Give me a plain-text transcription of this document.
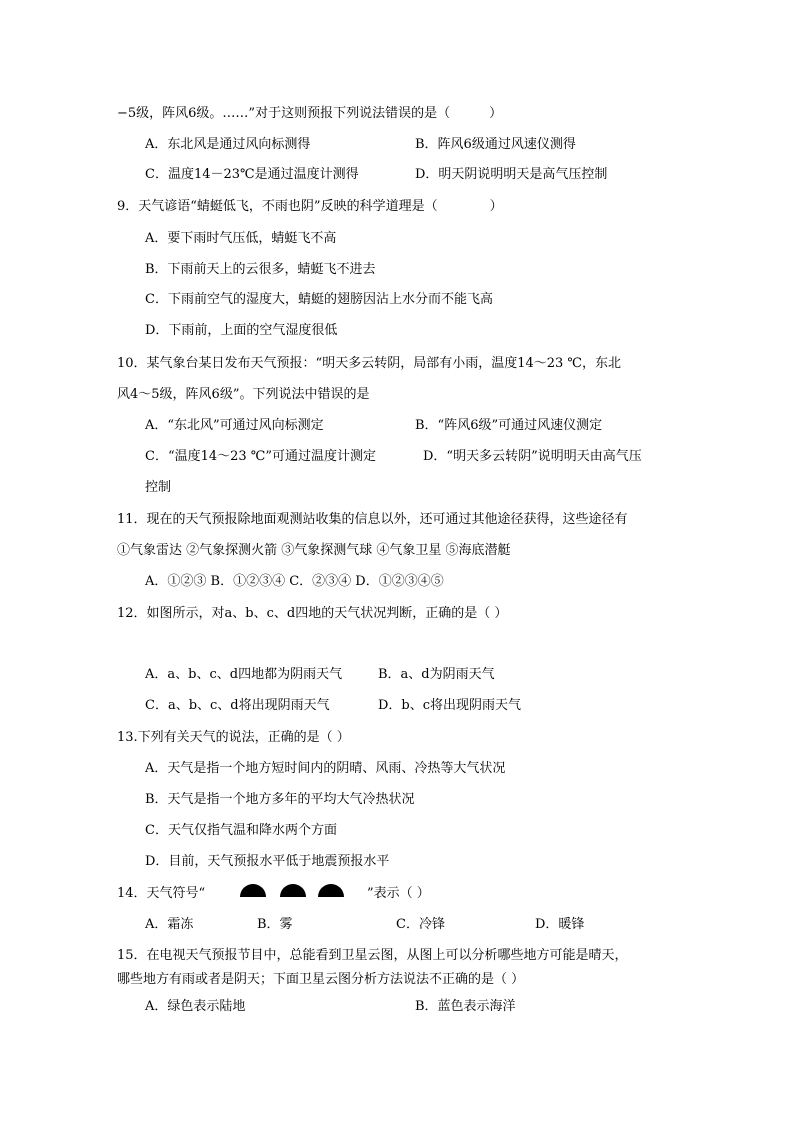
−5级，阵风6级。……”对于这则预报下列说法错误的是（　　　）
A．东北风是通过风向标测得	B．阵风6级通过风速仪测得
C．温度14－23℃是通过温度计测得	D．明天阴说明明天是高气压控制
9．天气谚语“蜻蜓低飞，不雨也阴”反映的科学道理是（　　　　）
A．要下雨时气压低，蜻蜓飞不高
B．下雨前天上的云很多，蜻蜓飞不进去
C．下雨前空气的湿度大，蜻蜓的翅膀因沾上水分而不能飞高
D．下雨前，上面的空气湿度很低
10．某气象台某日发布天气预报：“明天多云转阴，局部有小雨，温度14～23 ℃，东北
风4～5级，阵风6级”。下列说法中错误的是
A．“东北风”可通过风向标测定	B．“阵风6级”可通过风速仪测定
C．“温度14～23 ℃”可通过温度计测定	D．“明天多云转阴”说明明天由高气压
控制
11．现在的天气预报除地面观测站收集的信息以外，还可通过其他途径获得，这些途径有
①气象雷达 ②气象探测火箭 ③气象探测气球 ④气象卫星 ⑤海底潜艇
A．①②③ B．①②③④ C．②③④ D．①②③④⑤
12．如图所示，对a、b、c、d四地的天气状况判断，正确的是（ ）
A．a、b、c、d四地都为阴雨天气	B．a、d为阴雨天气
C．a、b、c、d将出现阴雨天气	D．b、c将出现阴雨天气
13.下列有关天气的说法，正确的是（ ）
A．天气是指一个地方短时间内的阴晴、风雨、冷热等大气状况
B．天气是指一个地方多年的平均大气冷热状况
C．天气仅指气温和降水两个方面
D．目前，天气预报水平低于地震预报水平
14．天气符号“	”表示（ ）
A．霜冻	B．雾	C．冷锋	D．暖锋
15．在电视天气预报节目中，总能看到卫星云图，从图上可以分析哪些地方可能是晴天，
哪些地方有雨或者是阴天；下面卫星云图分析方法说法不正确的是（ ）
A．绿色表示陆地	B．蓝色表示海洋
